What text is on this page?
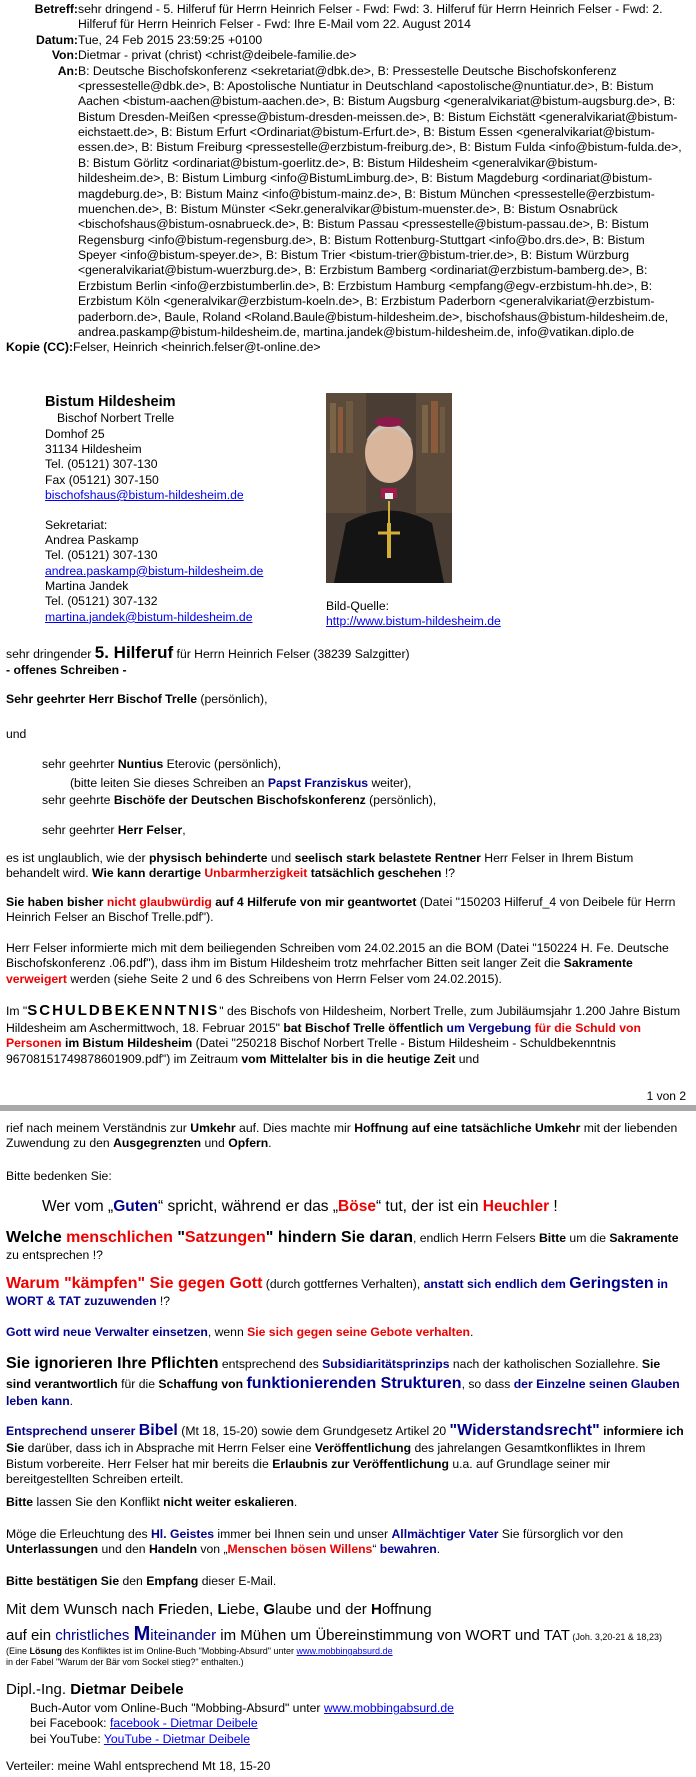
Betreff: sehr dringend - 5. Hilferuf für Herrn Heinrich Felser - Fwd: Fwd: 3. Hilferuf für Herrn Heinrich Felser - Fwd: 2. Hilferuf für Herrn Heinrich Felser - Fwd: Ihre E-Mail vom 22. August 2014
Datum: Tue, 24 Feb 2015 23:59:25 +0100
Von: Dietmar - privat (christ) <christ@deibele-familie.de>
An: B: Deutsche Bischofskonferenz <sekretariat@dbk.de>, B: Pressestelle Deutsche Bischofskonferenz <pressestelle@dbk.de>, B: Apostolische Nuntiatur in Deutschland <apostolische@nuntiatur.de>, B: Bistum Aachen <bistum-aachen@bistum-aachen.de>, B: Bistum Augsburg <generalvikariat@bistum-augsburg.de>, B: Bistum Dresden-Meißen <presse@bistum-dresden-meissen.de>, B: Bistum Eichstätt <generalvikariat@bistum-eichstaett.de>, B: Bistum Erfurt <Ordinariat@bistum-Erfurt.de>, B: Bistum Essen <generalvikariat@bistum-essen.de>, B: Bistum Freiburg <pressestelle@erzbistum-freiburg.de>, B: Bistum Fulda <info@bistum-fulda.de>, B: Bistum Görlitz <ordinariat@bistum-goerlitz.de>, B: Bistum Hildesheim <generalvikar@bistum-hildesheim.de>, B: Bistum Limburg <info@BistumLimburg.de>, B: Bistum Magdeburg <ordinariat@bistum-magdeburg.de>, B: Bistum Mainz <info@bistum-mainz.de>, B: Bistum München <pressestelle@erzbistum-muenchen.de>, B: Bistum Münster <Sekr.generalvikar@bistum-muenster.de>, B: Bistum Osnabrück <bischofshaus@bistum-osnabrueck.de>, B: Bistum Passau <pressestelle@bistum-passau.de>, B: Bistum Regensburg <info@bistum-regensburg.de>, B: Bistum Rottenburg-Stuttgart <info@bo.drs.de>, B: Bistum Speyer <info@bistum-speyer.de>, B: Bistum Trier <bistum-trier@bistum-trier.de>, B: Bistum Würzburg <generalvikariat@bistum-wuerzburg.de>, B: Erzbistum Bamberg <ordinariat@erzbistum-bamberg.de>, B: Erzbistum Berlin <info@erzbistumberlin.de>, B: Erzbistum Hamburg <empfang@egv-erzbistum-hh.de>, B: Erzbistum Köln <generalvikar@erzbistum-koeln.de>, B: Erzbistum Paderborn <generalvikariat@erzbistum-paderborn.de>, Baule, Roland <Roland.Baule@bistum-hildesheim.de>, bischofshaus@bistum-hildesheim.de, andrea.paskamp@bistum-hildesheim.de, martina.jandek@bistum-hildesheim.de, info@vatikan.diplo.de
Kopie (CC): Felser, Heinrich <heinrich.felser@t-online.de>
Bistum Hildesheim
Bischof Norbert Trelle
Domhof 25
31134 Hildesheim
Tel. (05121) 307-130
Fax (05121) 307-150
bischofshaus@bistum-hildesheim.de
Sekretariat:
Andrea Paskamp
Tel. (05121) 307-130
andrea.paskamp@bistum-hildesheim.de
Martina Jandek
Tel. (05121) 307-132
martina.jandek@bistum-hildesheim.de
Bild-Quelle:
http://www.bistum-hildesheim.de
sehr dringender 5. Hilferuf für Herrn Heinrich Felser (38239 Salzgitter)
- offenes Schreiben -
Sehr geehrter Herr Bischof Trelle (persönlich),
und
sehr geehrter Nuntius Eterovic (persönlich),
(bitte leiten Sie dieses Schreiben an Papst Franziskus weiter),
sehr geehrte Bischöfe der Deutschen Bischofskonferenz (persönlich),
sehr geehrter Herr Felser,
es ist unglaublich, wie der physisch behinderte und seelisch stark belastete Rentner Herr Felser in Ihrem Bistum behandelt wird. Wie kann derartige Unbarmherzigkeit tatsächlich geschehen !?
Sie haben bisher nicht glaubwürdig auf 4 Hilferufe von mir geantwortet (Datei "150203 Hilferuf_4 von Deibele für Herrn Heinrich Felser an Bischof Trelle.pdf").
Herr Felser informierte mich mit dem beiliegenden Schreiben vom 24.02.2015 an die BOM (Datei "150224 H. Fe. Deutsche Bischofskonferenz .06.pdf"), dass ihm im Bistum Hildesheim trotz mehrfacher Bitten seit langer Zeit die Sakramente verweigert werden (siehe Seite 2 und 6 des Schreibens von Herrn Felser vom 24.02.2015).
Im "SCHULDBEKENNTNIS" des Bischofs von Hildesheim, Norbert Trelle, zum Jubiläumsjahr 1.200 Jahre Bistum Hildesheim am Aschermittwoch, 18. Februar 2015" bat Bischof Trelle öffentlich um Vergebung für die Schuld von Personen im Bistum Hildesheim (Datei "250218 Bischof Norbert Trelle - Bistum Hildesheim - Schuldbekenntnis 96708151749878601909.pdf") im Zeitraum vom Mittelalter bis in die heutige Zeit und
1 von 2
rief nach meinem Verständnis zur Umkehr auf. Dies machte mir Hoffnung auf eine tatsächliche Umkehr mit der liebenden Zuwendung zu den Ausgegrenzten und Opfern.
Bitte bedenken Sie:
Wer vom „Guten“ spricht, während er das „Böse“ tut, der ist ein Heuchler !
Welche menschlichen "Satzungen" hindern Sie daran, endlich Herrn Felsers Bitte um die Sakramente zu entsprechen !?
Warum "kämpfen" Sie gegen Gott (durch gottfernes Verhalten), anstatt sich endlich dem Geringsten in WORT & TAT zuzuwenden !?
Gott wird neue Verwalter einsetzen, wenn Sie sich gegen seine Gebote verhalten.
Sie ignorieren Ihre Pflichten entsprechend des Subsidiaritätsprinzips nach der katholischen Soziallehre. Sie sind verantwortlich für die Schaffung von funktionierenden Strukturen, so dass der Einzelne seinen Glauben leben kann.
Entsprechend unserer Bibel (Mt 18, 15-20) sowie dem Grundgesetz Artikel 20 "Widerstandsrecht" informiere ich Sie darüber, dass ich in Absprache mit Herrn Felser eine Veröffentlichung des jahrelangen Gesamtkonfliktes in Ihrem Bistum vorbereite. Herr Felser hat mir bereits die Erlaubnis zur Veröffentlichung u.a. auf Grundlage seiner mir bereitgestellten Schreiben erteilt.
Bitte lassen Sie den Konflikt nicht weiter eskalieren.
Möge die Erleuchtung des Hl. Geistes immer bei Ihnen sein und unser Allmächtiger Vater Sie fürsorglich vor den Unterlassungen und den Handeln von „Menschen bösen Willens“ bewahren.
Bitte bestätigen Sie den Empfang dieser E-Mail.
Mit dem Wunsch nach Frieden, Liebe, Glaube und der Hoffnung
auf ein christliches Miteinander im Mühen um Übereinstimmung von WORT und TAT (Joh. 3,20-21 & 18,23)
(Eine Lösung des Konfliktes ist im Online-Buch "Mobbing-Absurd" unter www.mobbingabsurd.de
in der Fabel "Warum der Bär vom Sockel stieg?" enthalten.)
Dipl.-Ing. Dietmar Deibele
Buch-Autor vom Online-Buch "Mobbing-Absurd" unter www.mobbingabsurd.de
bei Facebook: facebook - Dietmar Deibele
bei YouTube: YouTube - Dietmar Deibele
Verteiler: meine Wahl entsprechend Mt 18, 15-20
